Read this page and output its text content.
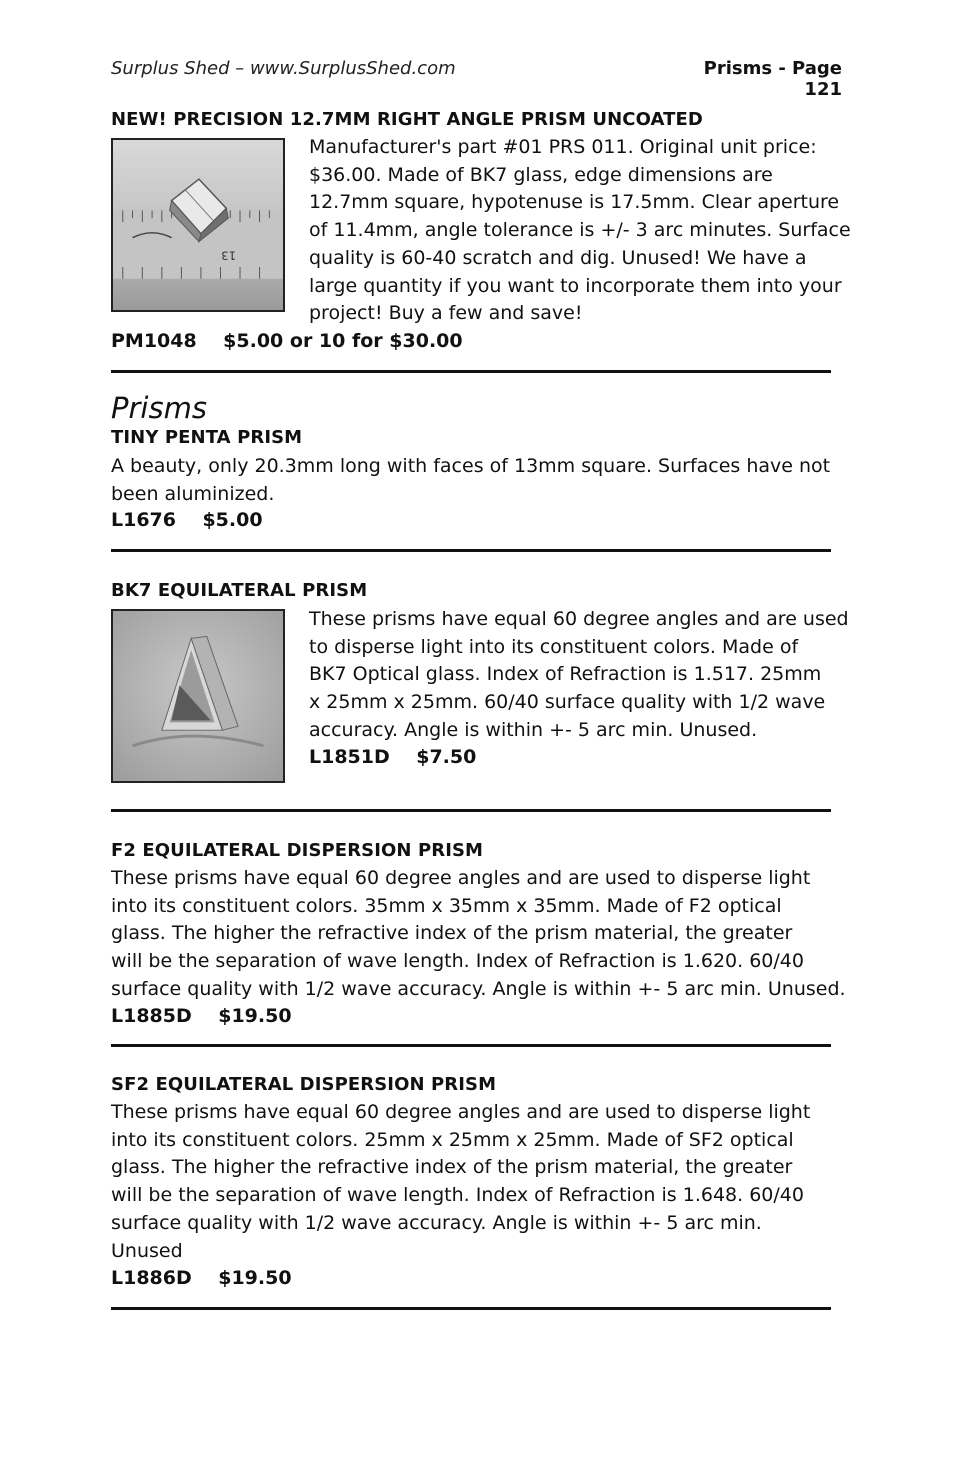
Surplus Shed – www.SurplusShed.com	Prisms - Page 121
NEW! PRECISION 12.7MM RIGHT ANGLE PRISM UNCOATED
13
Manufacturer's part #01 PRS 011. Original unit price:
$36.00. Made of BK7 glass, edge dimensions are
12.7mm square, hypotenuse is 17.5mm. Clear aperture
of 11.4mm, angle tolerance is +/- 3 arc minutes. Surface
quality is 60-40 scratch and dig. Unused! We have a
large quantity if you want to incorporate them into your
project! Buy a few and save!
PM1048    $5.00 or 10 for $30.00
Prisms
TINY PENTA PRISM
A beauty, only 20.3mm long with faces of 13mm square. Surfaces have not
been aluminized.
L1676    $5.00
BK7 EQUILATERAL PRISM
These prisms have equal 60 degree angles and are used
to disperse light into its constituent colors. Made of
BK7 Optical glass. Index of Refraction is 1.517. 25mm
x 25mm x 25mm. 60/40 surface quality with 1/2 wave
accuracy. Angle is within +- 5 arc min. Unused.
L1851D    $7.50
F2 EQUILATERAL DISPERSION PRISM
These prisms have equal 60 degree angles and are used to disperse light
into its constituent colors. 35mm x 35mm x 35mm. Made of F2 optical
glass. The higher the refractive index of the prism material, the greater
will be the separation of wave length. Index of Refraction is 1.620. 60/40
surface quality with 1/2 wave accuracy. Angle is within +- 5 arc min. Unused.
L1885D    $19.50
SF2 EQUILATERAL DISPERSION PRISM
These prisms have equal 60 degree angles and are used to disperse light
into its constituent colors. 25mm x 25mm x 25mm. Made of SF2 optical
glass. The higher the refractive index of the prism material, the greater
will be the separation of wave length. Index of Refraction is 1.648. 60/40
surface quality with 1/2 wave accuracy. Angle is within +- 5 arc min.
Unused
L1886D    $19.50
